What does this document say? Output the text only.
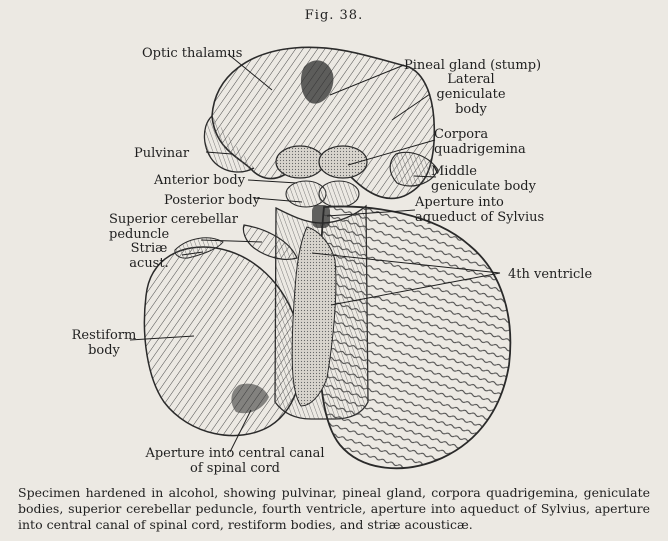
Fig. 38.
Optic thalamus
Pineal gland (stump)
Lateral
geniculate
body
Pulvinar
Corpora
quadrigemina
Anterior body
Middle
geniculate body
Posterior body	Aperture into
aqueduct of Sylvius
Superior cerebellar
peduncle
Striæ
acust.
4th ventricle
Restiform
body
Aperture into central canal
of spinal cord
Specimen hardened in alcohol, showing pulvinar, pineal gland, corpora quadrigemina, geniculate bodies, superior cerebellar peduncle, fourth ventricle, aperture into aqueduct of Sylvius, aperture into central canal of spinal cord, restiform bodies, and striæ acousticæ.
